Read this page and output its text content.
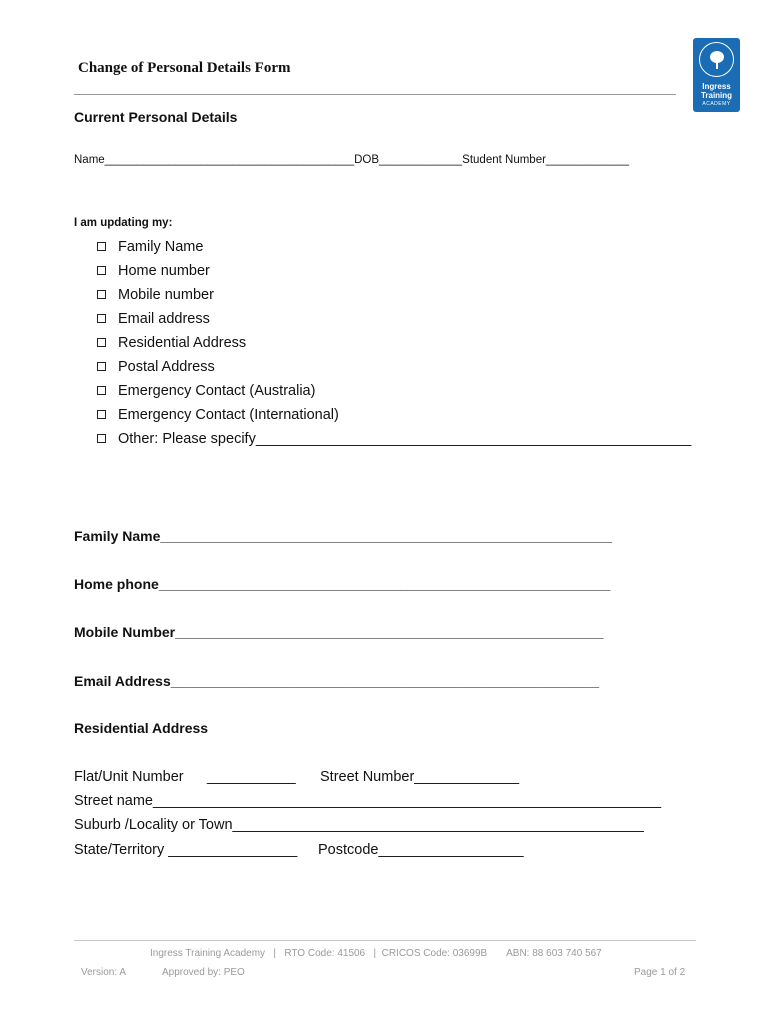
Change of Personal Details Form
Ingress
Training
ACADEMY
Current Personal Details
Name_______________________________________DOB_____________Student Number_____________
I am updating my:
Family Name
Home number
Mobile number
Email address
Residential Address
Postal Address
Emergency Contact (Australia)
Emergency Contact (International)
Other: Please specify______________________________________________________
Family Name__________________________________________________________
Home phone__________________________________________________________
Mobile Number_______________________________________________________
Email Address_______________________________________________________
Residential Address
Flat/Unit Number ___________ Street Number_____________
Street name_______________________________________________________________
Suburb /Locality or Town___________________________________________________
State/Territory ________________ Postcode__________________
Ingress Training Academy   |   RTO Code: 41506   |  CRICOS Code: 03699B       ABN: 88 603 740 567
Version: A	Approved by: PEO	Page 1 of 2
